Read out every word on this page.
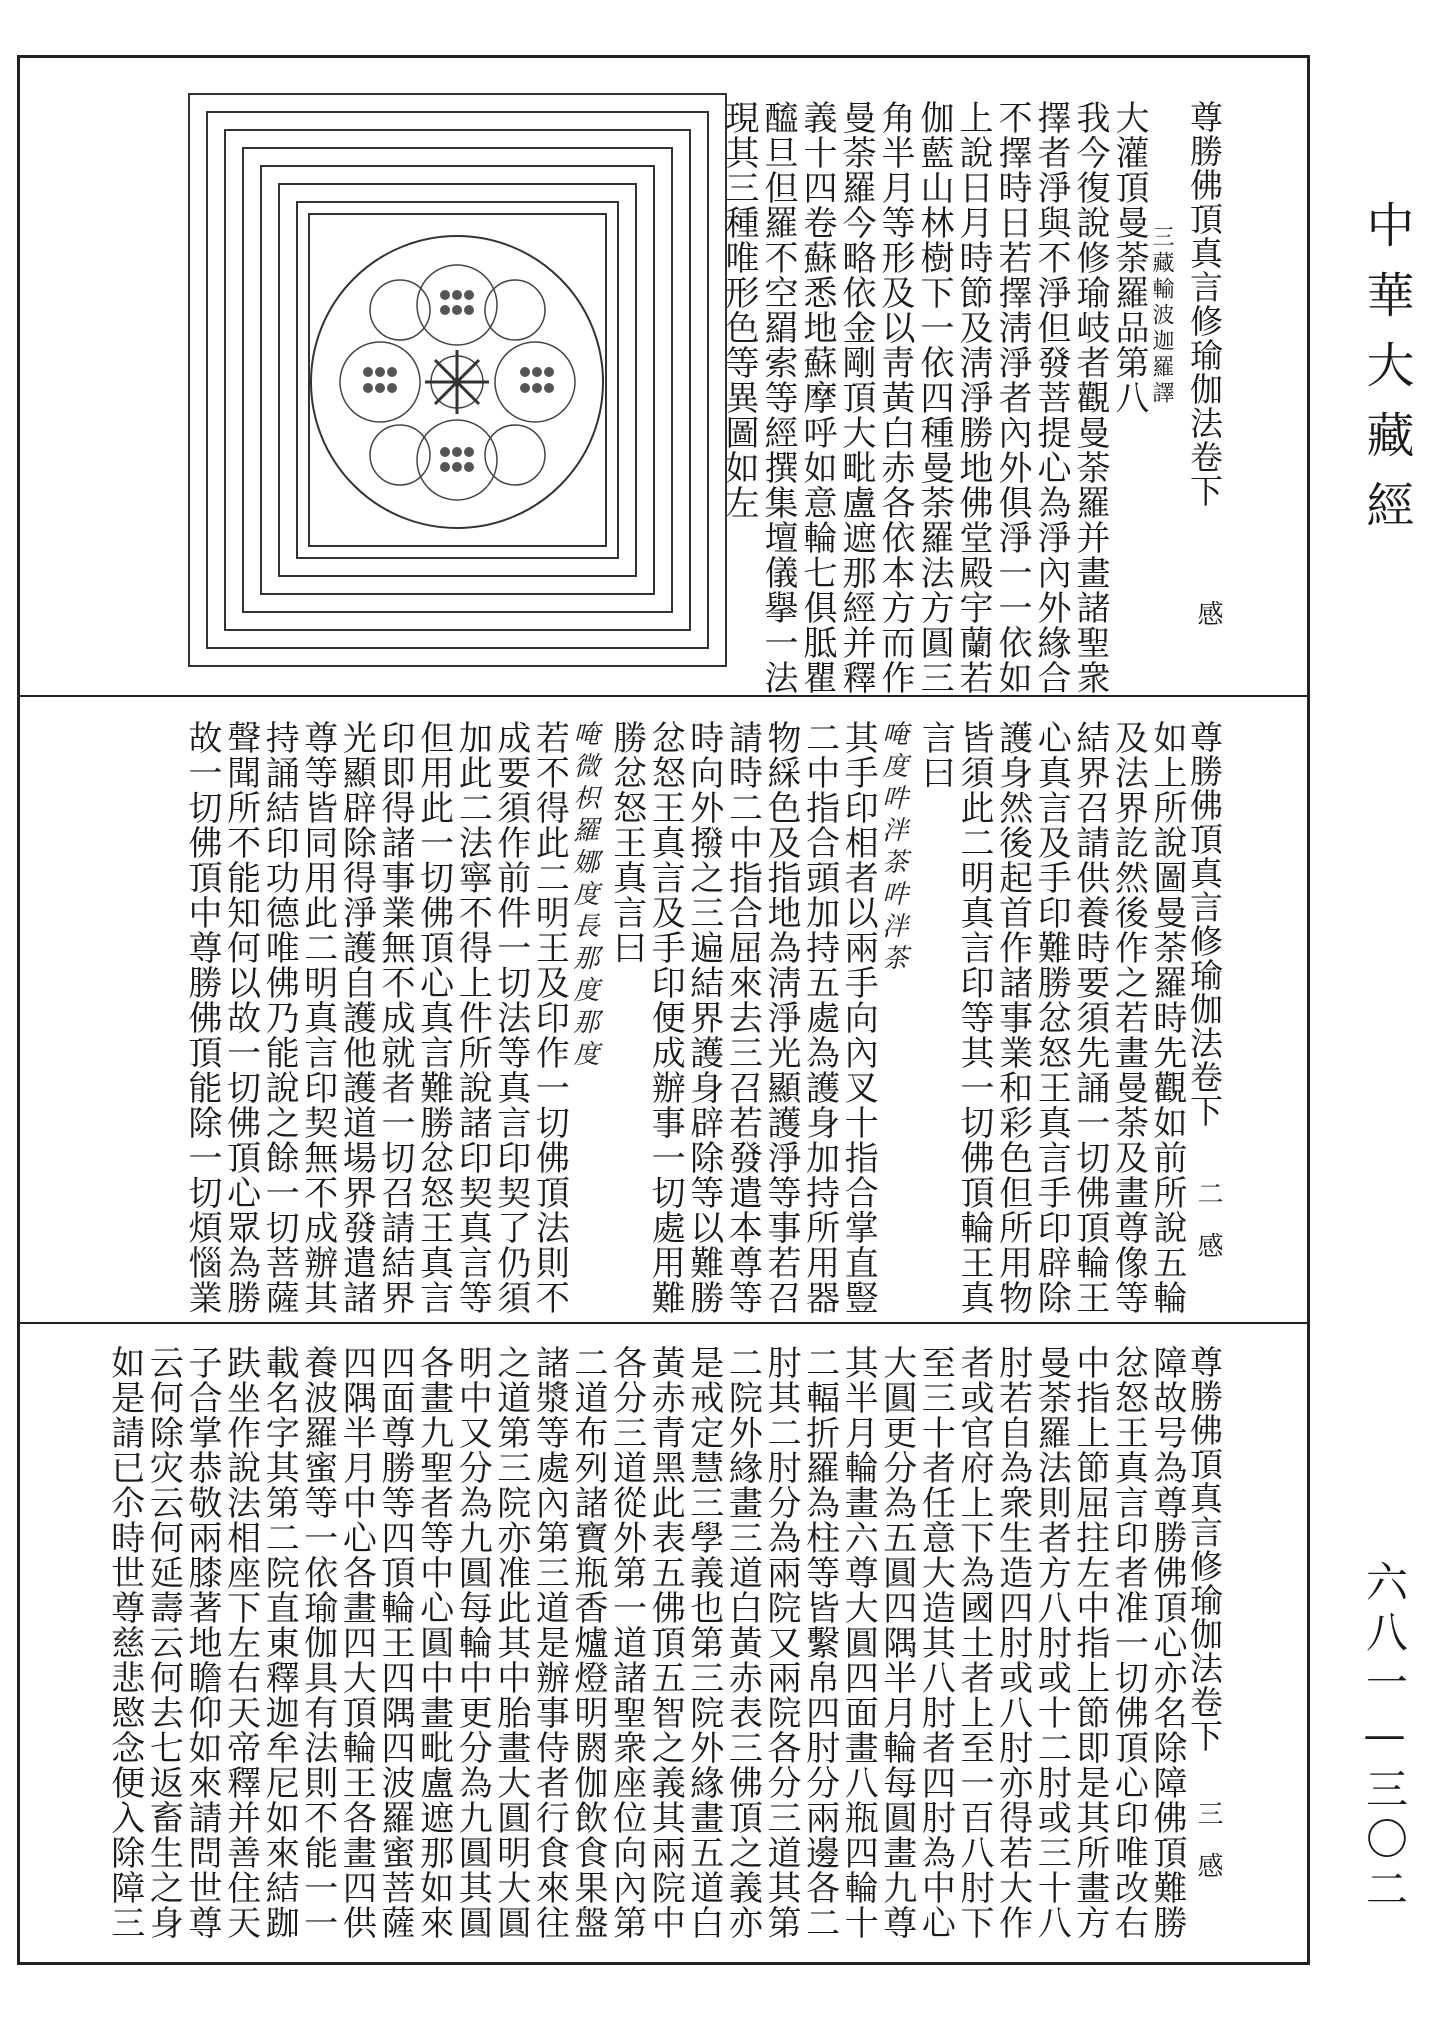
中華大藏經
六八一—三〇二
尊勝佛頂真言修瑜伽法卷下
感
大灌頂曼荼羅品第八 三藏輸波迦羅譯
我今復說修瑜岐者觀曼荼羅并畫諸聖衆
擇者淨與不淨但發菩提心為淨內外緣合
不擇時日若擇淸淨者內外俱淨一一依如
上說日月時節及淸淨勝地佛堂殿宇蘭若
伽藍山林樹下一依四種曼荼羅法方圓三
角半月等形及以靑黃白赤各依本方而作
曼荼羅今略依金剛頂大毗盧遮那經并釋
義十四卷蘇悉地蘇摩呼如意輪七俱胝瞿
醯旦但羅不空羂索等經撰集壇儀擧一法
現其三種唯形色等異圖如左
尊勝佛頂真言修瑜伽法卷下
二　感
如上所說圖曼荼羅時先觀如前所說五輪
及法界訖然後作之若畫曼荼及畫尊像等
結界召請供養時要須先誦一切佛頂輪王
心真言及手印難勝忿怒王真言手印辟除
護身然後起首作諸事業和彩色但所用物
皆須此二明真言印等其一切佛頂輪王真
言曰
唵度吽泮茶吽泮茶
其手印相者以兩手向內叉十指合掌直豎
二中指合頭加持五處為護身加持所用器
物綵色及指地為淸淨光顯護淨等事若召
請時二中指合屈來去三召若發遣本尊等
時向外撥之三遍結界護身辟除等以難勝
忿怒王真言及手印便成辦事一切處用難
勝忿怒王真言曰
唵微枳羅娜度長那度那度
若不得此二明王及印作一切佛頂法則不
成要須作前件一切法等真言印契了仍須
加此二法寧不得上件所說諸印契真言等
但用此一切佛頂心真言難勝忿怒王真言
印即得諸事業無不成就者一切召請結界
光顯辟除得淨護自護他護道場界發遣諸
尊等皆同用此二明真言印契無不成辦其
持誦結印功德唯佛乃能說之餘一切菩薩
聲聞所不能知何以故一切佛頂心眾為勝
故一切佛頂中尊勝佛頂能除一切煩惱業
尊勝佛頂真言修瑜伽法卷下
三　感
障故号為尊勝佛頂心亦名除障佛頂難勝
忿怒王真言印者准一切佛頂心印唯改右
中指上節屈拄左中指上節即是其所畫方
曼荼羅法則者方八肘或十二肘或三十八
肘若自為衆生造四肘或八肘亦得若大作
者或官府上下為國土者上至一百八肘下
至三十者任意大造其八肘者四肘為中心
大圓更分為五圓四隅半月輪每圓畫九尊
其半月輪畫六尊大圓四面畫八瓶四輪十
二輻折羅為柱等皆繫帛四肘分兩邊各二
肘其二肘分為兩院又兩院各分三道其第
二院外緣畫三道白黃赤表三佛頂之義亦
是戒定慧三學義也第三院外緣畫五道白
黃赤青黑此表五佛頂五智之義其兩院中
各分三道從外第一道諸聖衆座位向內第
二道布列諸寶瓶香爐燈明閼伽飲食果盤
諸漿等處內第三道是辦事侍者行食來往
之道第三院亦准此其中胎畫大圓明大圓
明中又分為九圓每輪中更分為九圓其圓
各畫九聖者等中心圓中畫毗盧遮那如來
四面尊勝等四頂輪王四隅四波羅蜜菩薩
四隅半月中心各畫四大頂輪王各畫四供
養波羅蜜等一依瑜伽具有法則不能一一
載名字其第二院直東釋迦牟尼如來結跏
趺坐作說法相座下左右天帝釋并善住天
子合掌恭敬兩膝著地瞻仰如來請問世尊
云何除灾云何延壽云何去七返畜生之身
如是請已尒時世尊慈悲愍念便入除障三
